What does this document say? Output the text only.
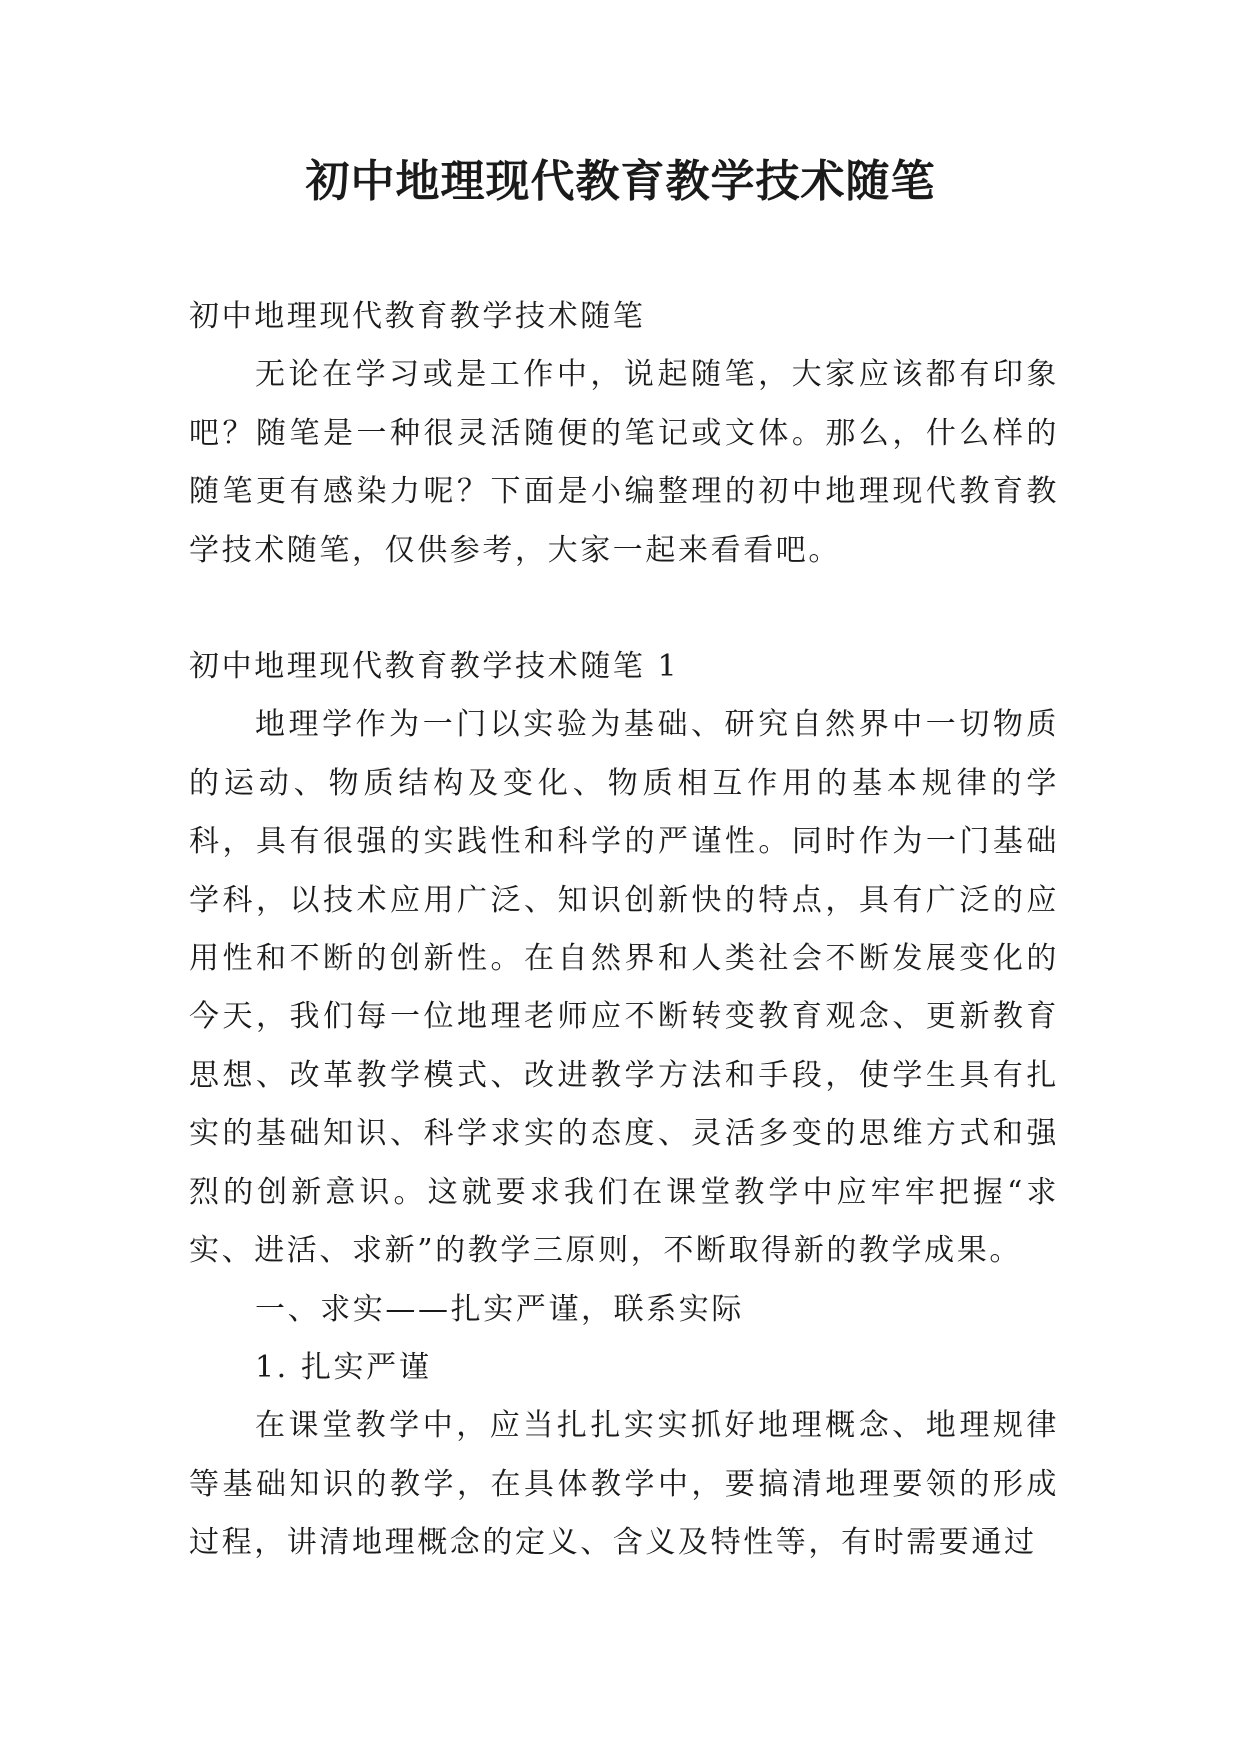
初中地理现代教育教学技术随笔

初中地理现代教育教学技术随笔

无论在学习或是工作中，说起随笔，大家应该都有印象吧？随笔是一种很灵活随便的笔记或文体。那么，什么样的随笔更有感染力呢？下面是小编整理的初中地理现代教育教学技术随笔，仅供参考，大家一起来看看吧。

初中地理现代教育教学技术随笔 1

地理学作为一门以实验为基础、研究自然界中一切物质的运动、物质结构及变化、物质相互作用的基本规律的学科，具有很强的实践性和科学的严谨性。同时作为一门基础学科，以技术应用广泛、知识创新快的特点，具有广泛的应用性和不断的创新性。在自然界和人类社会不断发展变化的今天，我们每一位地理老师应不断转变教育观念、更新教育思想、改革教学模式、改进教学方法和手段，使学生具有扎实的基础知识、科学求实的态度、灵活多变的思维方式和强烈的创新意识。这就要求我们在课堂教学中应牢牢把握“求实、进活、求新”的教学三原则，不断取得新的教学成果。

一、求实——扎实严谨，联系实际

1. 扎实严谨

在课堂教学中，应当扎扎实实抓好地理概念、地理规律等基础知识的教学，在具体教学中，要搞清地理要领的形成过程，讲清地理概念的定义、含义及特性等，有时需要通过
